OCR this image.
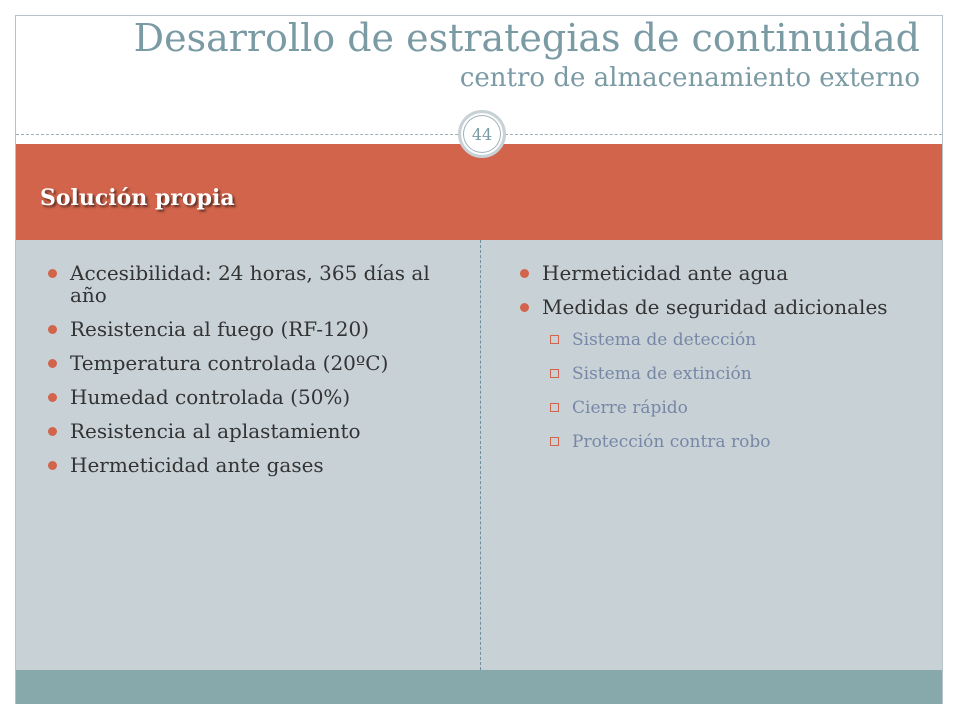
Desarrollo de estrategias de continuidad
centro de almacenamiento externo
Solución propia
44
Accesibilidad: 24 horas, 365 días al año
Resistencia al fuego (RF-120)
Temperatura controlada (20ºC)
Humedad controlada (50%)
Resistencia al aplastamiento
Hermeticidad ante gases
Hermeticidad ante agua
Medidas de seguridad adicionales
Sistema de detección
Sistema de extinción
Cierre rápido
Protección contra robo
